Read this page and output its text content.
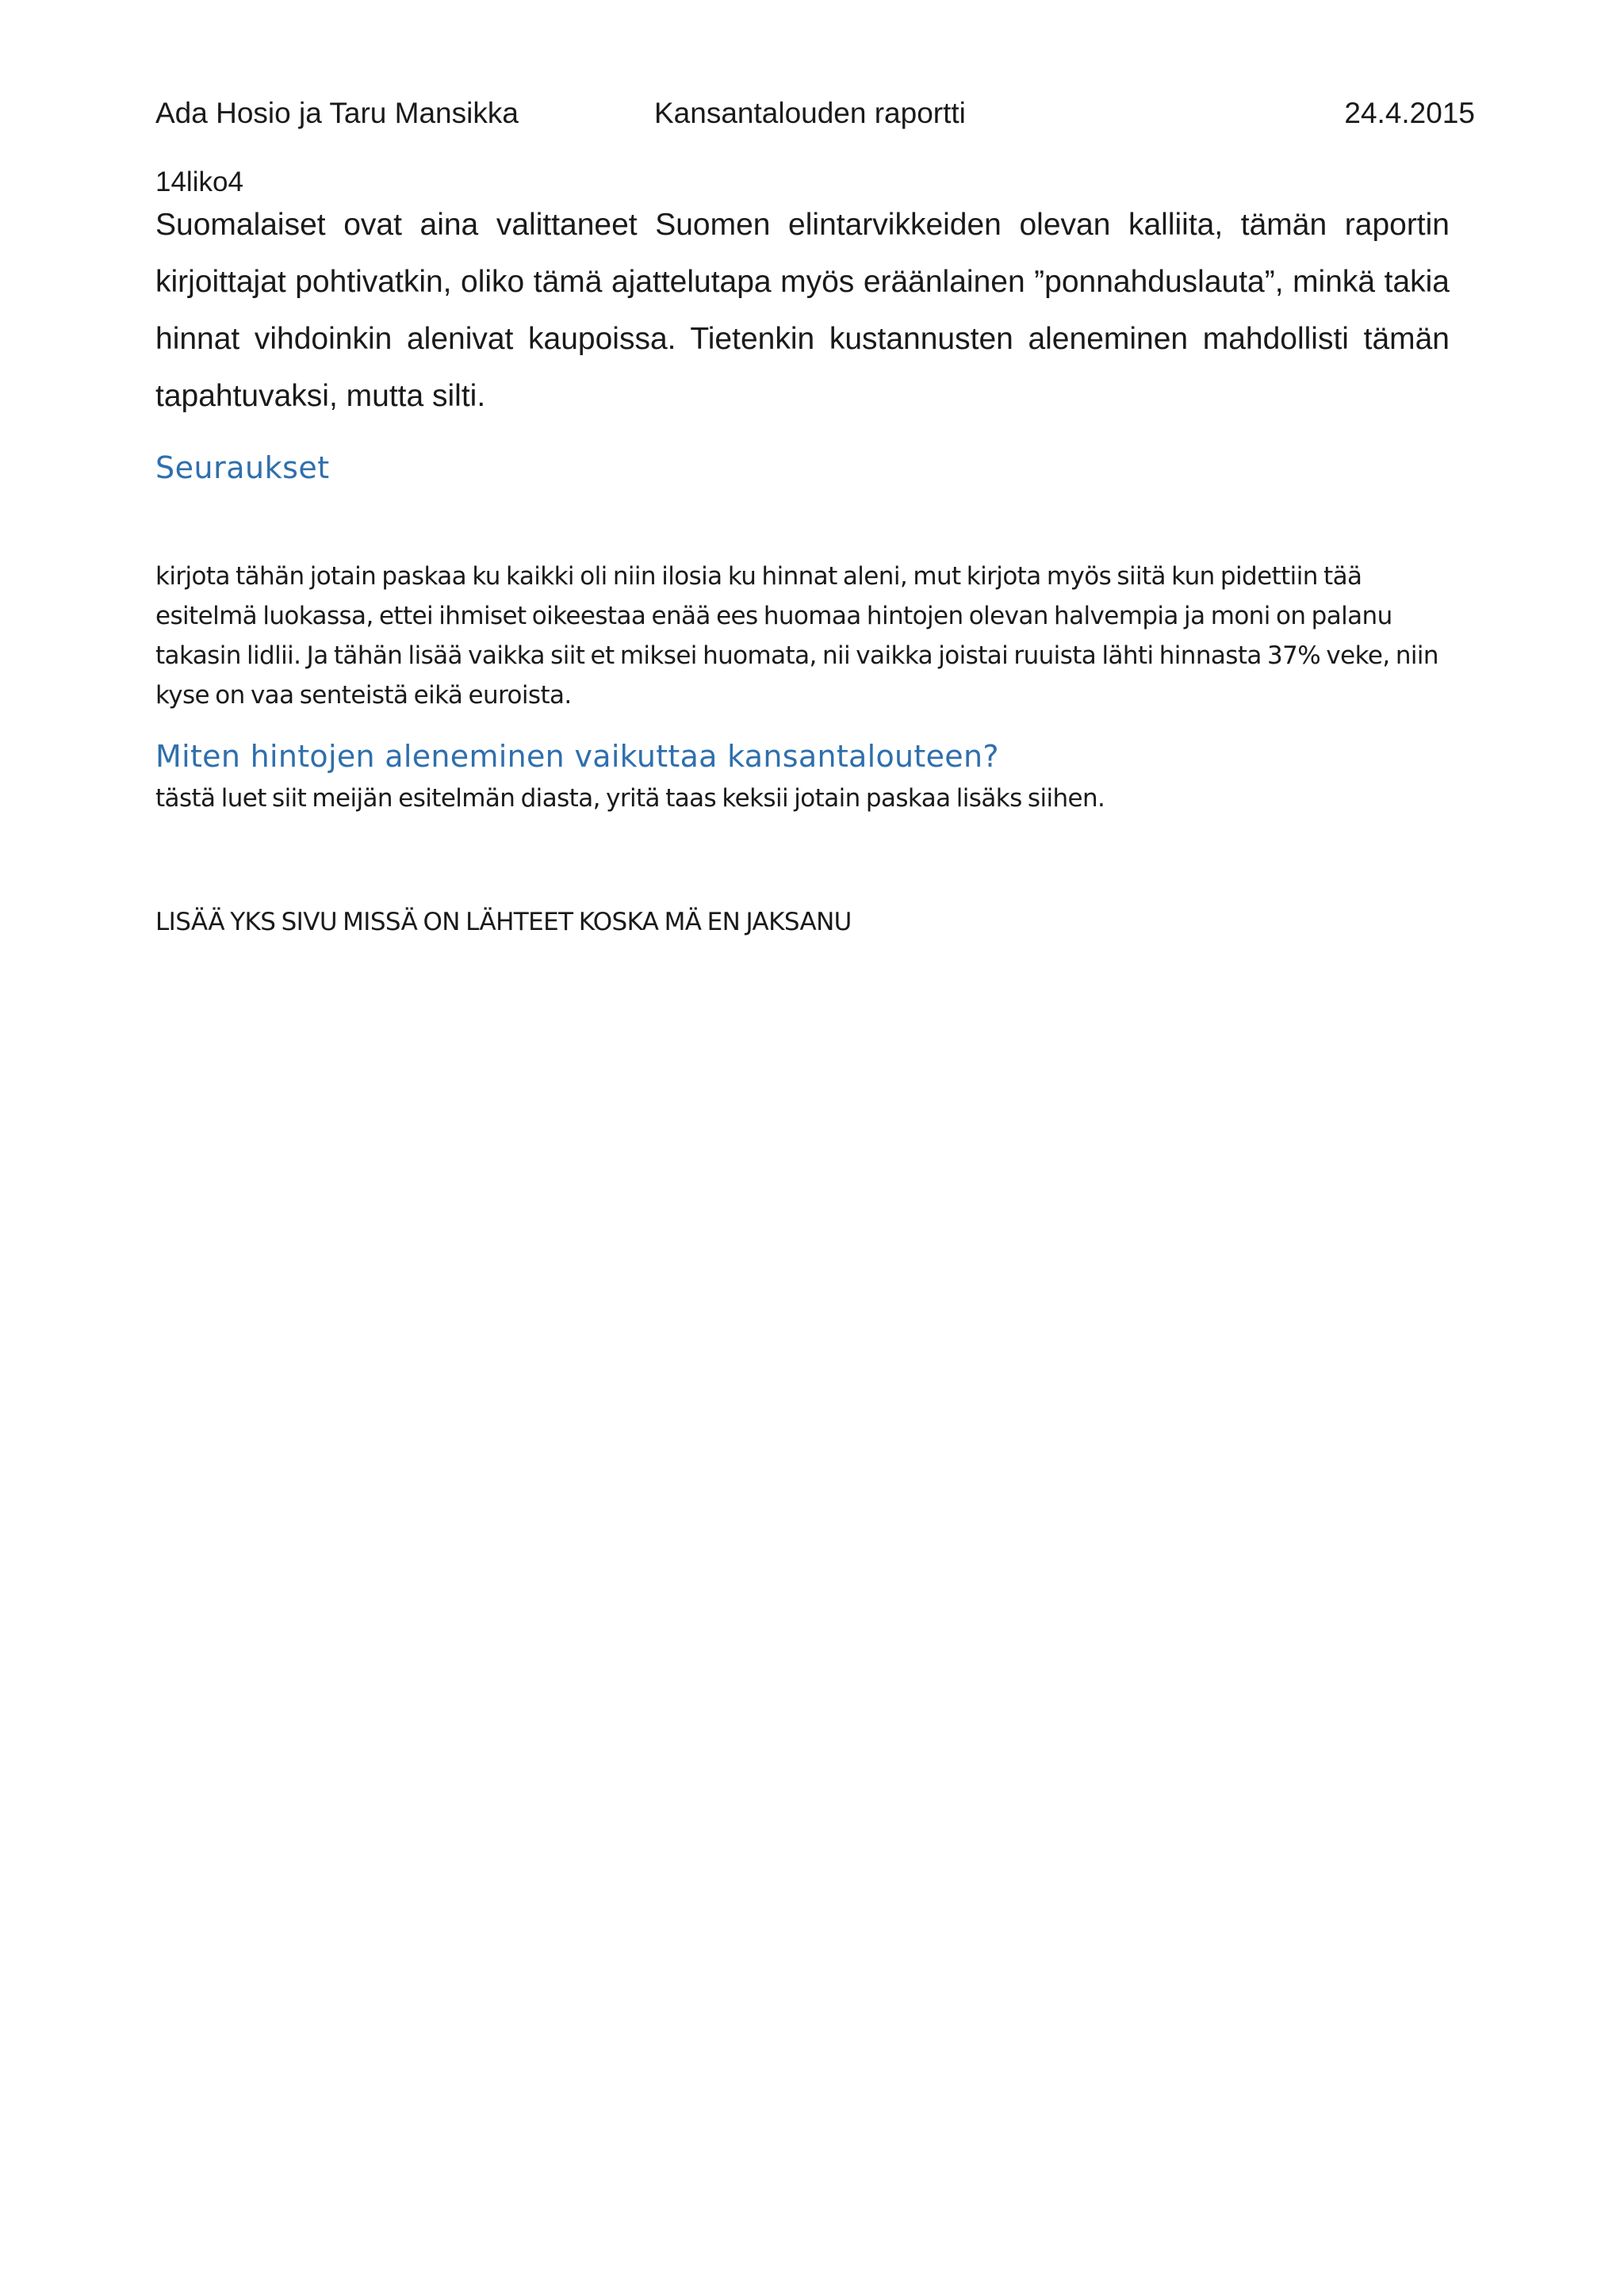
Ada Hosio ja Taru Mansikka	Kansantalouden raportti	24.4.2015
14liko4

Suomalaiset ovat aina valittaneet Suomen elintarvikkeiden olevan kalliita, tämän raportin kirjoittajat pohtivatkin, oliko tämä ajattelutapa myös eräänlainen ”ponnahduslauta”, minkä takia hinnat vihdoinkin alenivat kaupoissa. Tietenkin kustannusten aleneminen mahdollisti tämän tapahtuvaksi, mutta silti.

Seuraukset

kirjota tähän jotain paskaa ku kaikki oli niin ilosia ku hinnat aleni, mut kirjota myös siitä kun pidettiin tää esitelmä luokassa, ettei ihmiset oikeestaa enää ees huomaa hintojen olevan halvempia ja moni on palanu takasin lidlii. Ja tähän lisää vaikka siit et miksei huomata, nii vaikka joistai ruuista lähti hinnasta 37% veke, niin kyse on vaa senteistä eikä euroista.

Miten hintojen aleneminen vaikuttaa kansantalouteen?

tästä luet siit meijän esitelmän diasta, yritä taas keksii jotain paskaa lisäks siihen.

LISÄÄ YKS SIVU MISSÄ ON LÄHTEET KOSKA MÄ EN JAKSANU
